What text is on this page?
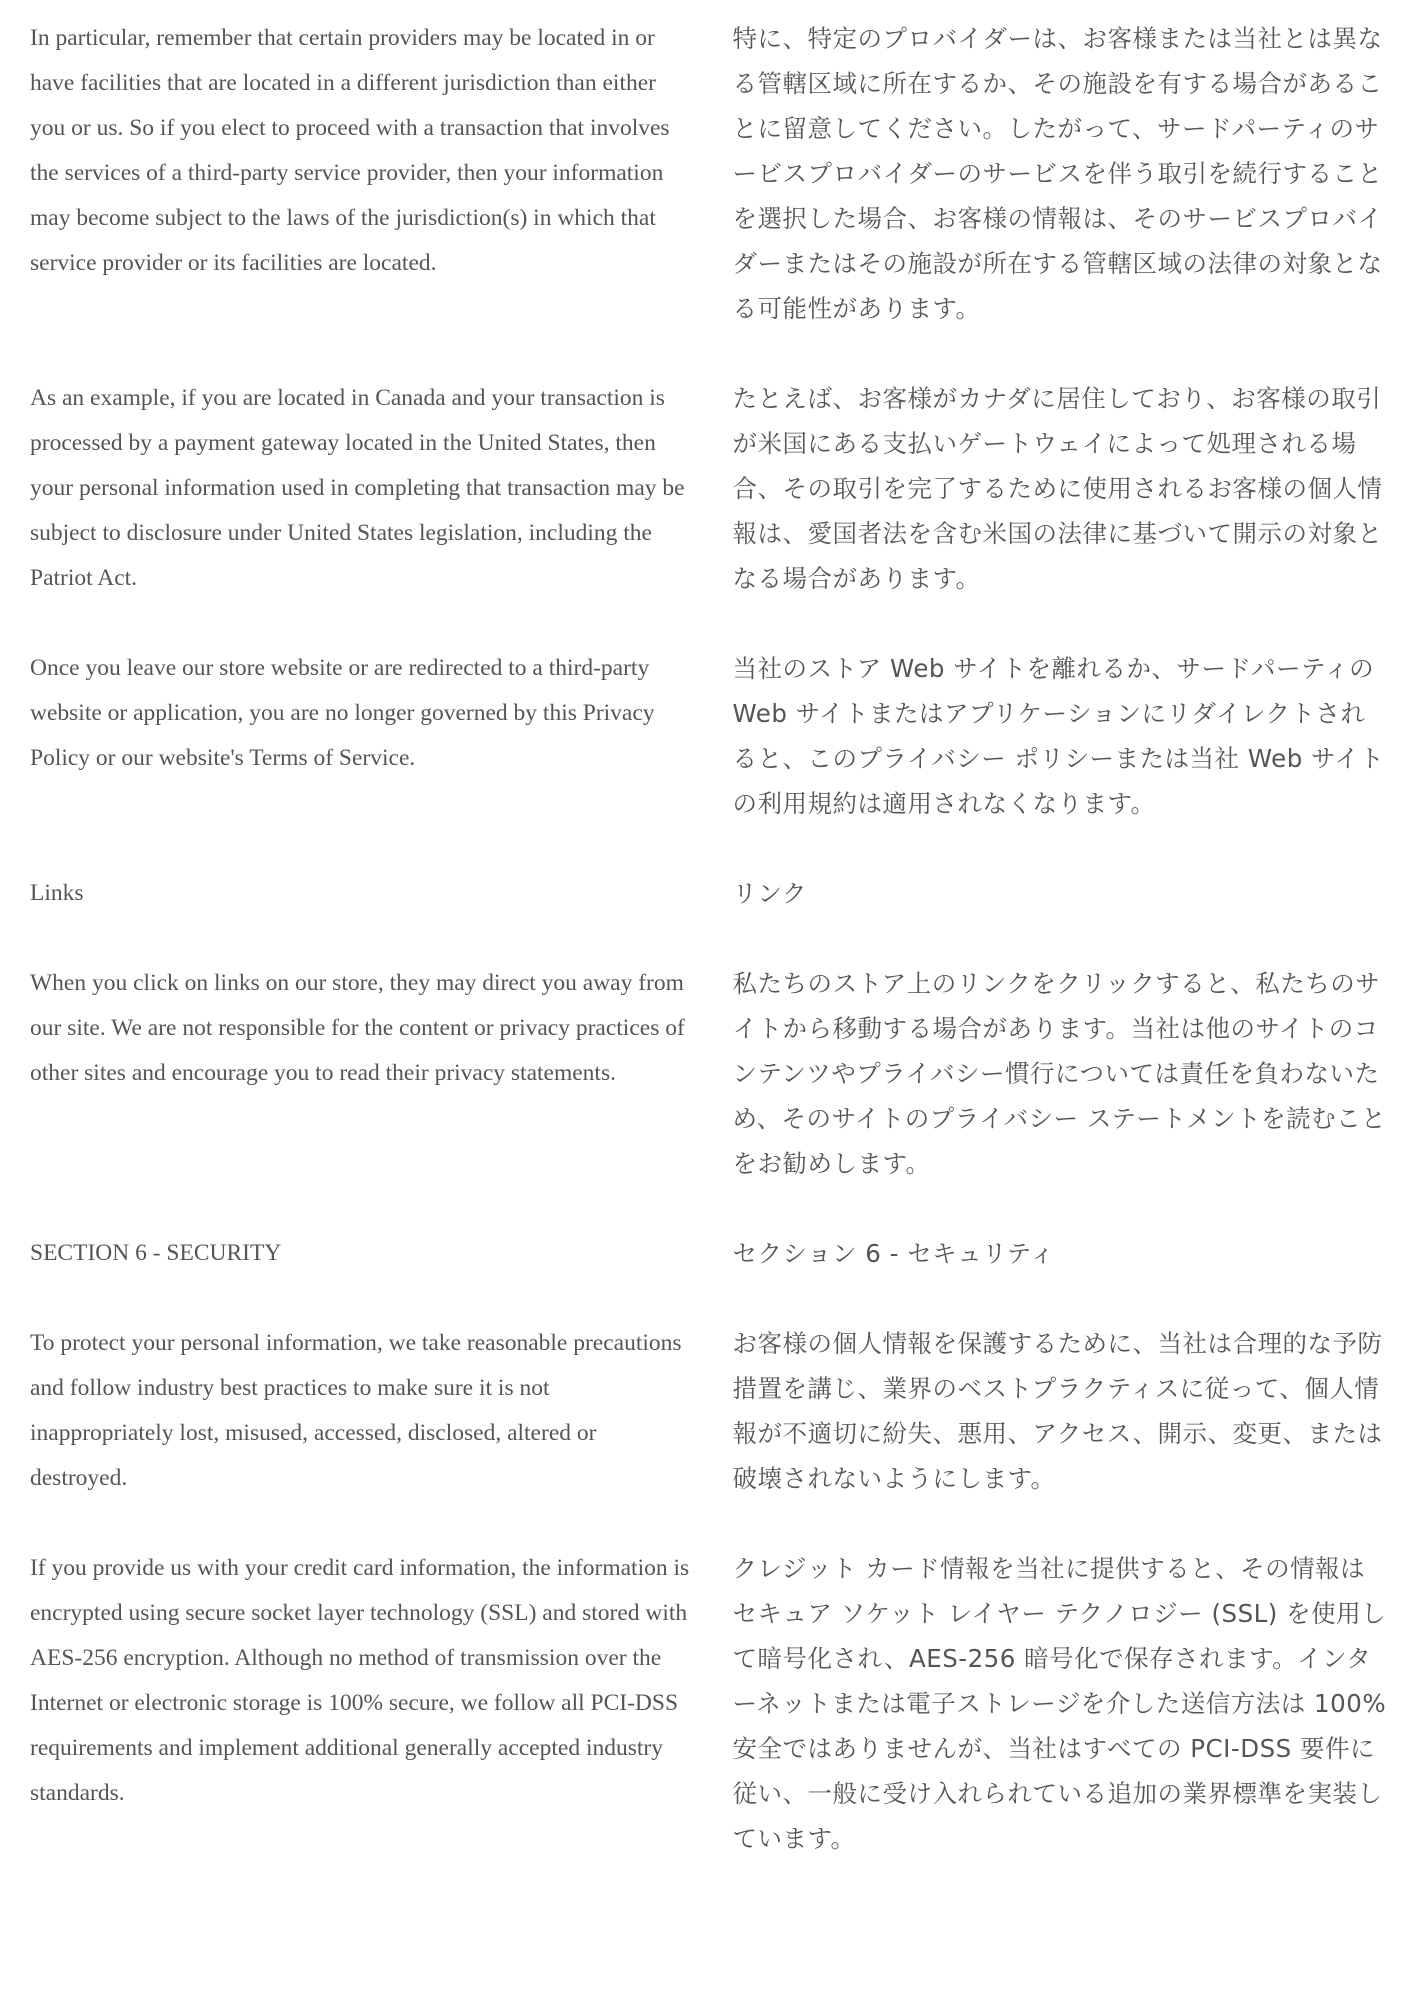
In particular, remember that certain providers may be located in or have facilities that are located in a different jurisdiction than either you or us. So if you elect to proceed with a transaction that involves the services of a third-party service provider, then your information may become subject to the laws of the jurisdiction(s) in which that service provider or its facilities are located.

特に、特定のプロバイダーは、お客様または当社とは異なる管轄区域に所在するか、その施設を有する場合があることに留意してください。したがって、サードパーティのサービスプロバイダーのサービスを伴う取引を続行することを選択した場合、お客様の情報は、そのサービスプロバイダーまたはその施設が所在する管轄区域の法律の対象となる可能性があります。

As an example, if you are located in Canada and your transaction is processed by a payment gateway located in the United States, then your personal information used in completing that transaction may be subject to disclosure under United States legislation, including the Patriot Act.

たとえば、お客様がカナダに居住しており、お客様の取引が米国にある支払いゲートウェイによって処理される場合、その取引を完了するために使用されるお客様の個人情報は、愛国者法を含む米国の法律に基づいて開示の対象となる場合があります。

Once you leave our store website or are redirected to a third-party website or application, you are no longer governed by this Privacy Policy or our website's Terms of Service.

当社のストア Web サイトを離れるか、サードパーティの Web サイトまたはアプリケーションにリダイレクトされると、このプライバシー ポリシーまたは当社 Web サイトの利用規約は適用されなくなります。

Links	リンク

When you click on links on our store, they may direct you away from our site. We are not responsible for the content or privacy practices of other sites and encourage you to read their privacy statements.

私たちのストア上のリンクをクリックすると、私たちのサイトから移動する場合があります。当社は他のサイトのコンテンツやプライバシー慣行については責任を負わないため、そのサイトのプライバシー ステートメントを読むことをお勧めします。

SECTION 6 - SECURITY	セクション 6 - セキュリティ

To protect your personal information, we take reasonable precautions and follow industry best practices to make sure it is not inappropriately lost, misused, accessed, disclosed, altered or destroyed.

お客様の個人情報を保護するために、当社は合理的な予防措置を講じ、業界のベストプラクティスに従って、個人情報が不適切に紛失、悪用、アクセス、開示、変更、または破壊されないようにします。

If you provide us with your credit card information, the information is encrypted using secure socket layer technology (SSL) and stored with AES-256 encryption. Although no method of transmission over the Internet or electronic storage is 100% secure, we follow all PCI-DSS requirements and implement additional generally accepted industry standards.

クレジット カード情報を当社に提供すると、その情報はセキュア ソケット レイヤー テクノロジー (SSL) を使用して暗号化され、AES-256 暗号化で保存されます。インターネットまたは電子ストレージを介した送信方法は 100% 安全ではありませんが、当社はすべての PCI-DSS 要件に従い、一般に受け入れられている追加の業界標準を実装しています。
